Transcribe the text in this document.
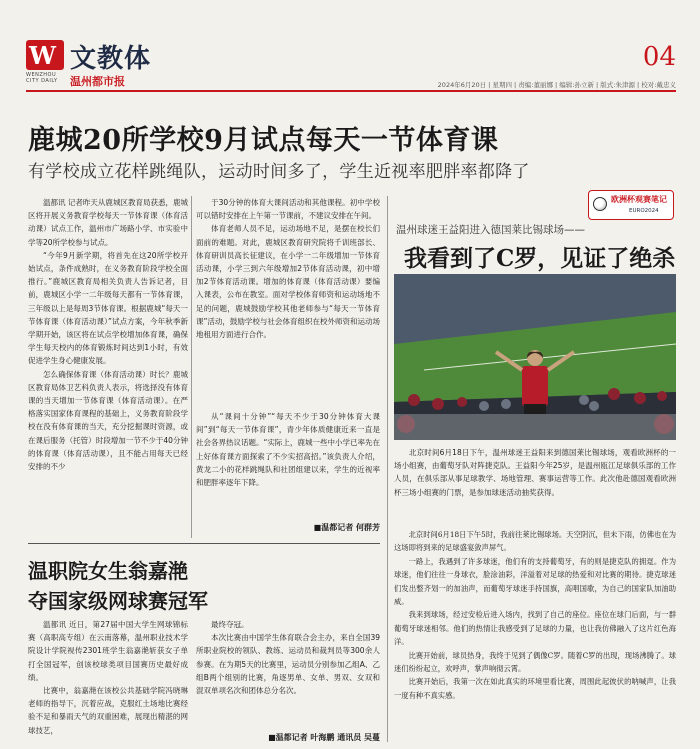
W
WENZHOU CITY DAILY
文教体
温州都市报
04
2024年6月20日 | 星期四 | 责编:董丽娜 | 编辑:孙立新 | 版式:朱津源 | 校对:戴忠义
鹿城20所学校9月试点每天一节体育课
有学校成立花样跳绳队，运动时间多了，学生近视率肥胖率都降了

温都讯 记者昨天从鹿城区教育局获悉，鹿城区将开展义务教育学校每天一节体育课（体育活动课）试点工作，温州市广场路小学、市实验中学等20所学校参与试点。

“今年9月新学期，将首先在这20所学校开始试点，条件成熟时，在义务教育阶段学校全面推行。”鹿城区教育局相关负责人告诉记者，目前，鹿城区小学一二年级每天都有一节体育课，三年级以上是每周3节体育课。根据鹿城“每天一节体育课（体育活动课）”试点方案，今年秋季新学期开始，该区将在试点学校增加体育课，确保学生每天校内的体育锻炼时间达到1小时，有效促进学生身心健康发展。

怎么确保体育课（体育活动课）时长？鹿城区教育局体卫艺科负责人表示，将选择没有体育课的当天增加一节体育课（体育活动课）。在严格落实国家体育课程的基础上，义务教育阶段学校在没有体育课的当天，充分挖掘课时资源，或在课后服务（托管）时段增加一节不少于40分钟的体育课（体育活动课），且不能占用每天已经安排的不少

于30分钟的体育大课间活动和其他课程。初中学校可以错时安排在上午第一节课前，不建议安排在午间。

体育老师人员不足，运动场地不足，是摆在校长们面前的难题。对此，鹿城区教育研究院将千训班部长、体育研训员高长征建议，在小学一二年级增加一节体育活动课，小学三到六年级增加2节体育活动课，初中增加2节体育活动课。增加的体育课（体育活动课）要编入课表，公布在教室。面对学校体育师资和运动场地不足的问题，鹿城鼓励学校其他老师参与“每天一节体育课”活动，鼓励学校与社会体育组织在校外师资和运动场地租用方面进行合作。

从“课间十分钟”“每天不少于30分钟体育大课间”到“每天一节体育课”，青少年体质健康近来一直是社会各界热议话题。“实际上，鹿城一些中小学已率先在上好体育课方面探索了不少实招高招。”该负责人介绍，黄龙二小的花样跳绳队和社团组建以来，学生的近视率和肥胖率逐年下降。

■温都记者 何群芳
温职院女生翁嘉滟
夺国家级网球赛冠军

温都讯 近日，第27届中国大学生网球锦标赛（高职高专组）在云南落幕，温州职业技术学院设计学院视传2301班学生翁嘉滟斩获女子单打全国冠军，创该校球类项目国赛历史最好成绩。

比赛中，翁嘉滟在该校公共基础学院冯晓琳老师的指导下，沉着应战，克服红土场地比赛经验不足和暴雨天气的双重困难，展现出精湛的网球技艺，

最终夺冠。

本次比赛由中国学生体育联合会主办，来自全国39所职业院校的领队、教练、运动员和裁判员等300余人参赛。在为期5天的比赛里，运动员分别参加乙组A、乙组B两个组别的比赛，角逐男单、女单、男双、女双和混双单项名次和团体总分名次。

■温都记者 叶海鹏 通讯员 吴蔓
欧洲杯观赛笔记
EURO2024
温州球迷王益阳进入德国莱比锡球场——
我看到了C罗，见证了绝杀

北京时间6月18日下午，温州球迷王益阳来到德国莱比锡球场，观看欧洲杯的一场小组赛，由葡萄牙队对阵捷克队。王益阳今年25岁，是温州瓯江足球俱乐部的工作人员，在俱乐部从事足球教学、场地管理、赛事运营等工作。此次他赴德国观看欧洲杯三场小组赛的门票，是参加球迷活动抽奖获得。

北京时间6月18日下午5时，我前往莱比锡球场。天空阴沉，但未下雨，仿佛也在为这场即将到来的足球盛宴敛声屏气。

一路上，我遇到了许多球迷，他们有的支持葡萄牙，有的则是捷克队的拥趸。作为球迷，他们往往一身球衣，脸涂油彩，洋溢着对足球的热爱和对比赛的期待。捷克球迷们发出整齐划一的加油声，而葡萄牙球迷手持国旗，高唱国歌，为自己的国家队加油助威。

我来到球场，经过安检后进入场内，找到了自己的座位。座位在球门后面，与一群葡萄牙球迷相邻。他们的热情让我感受到了足球的力量，也让我仿佛融入了这片红色海洋。

比赛开始前，球员热身，我终于见到了偶像C罗。随着C罗的出现，现场沸腾了。球迷们纷纷起立，欢呼声，掌声响彻云霄。

比赛开始后，我第一次在如此真实的环境里看比赛，周围此起彼伏的呐喊声，让我一度有种不真实感。
